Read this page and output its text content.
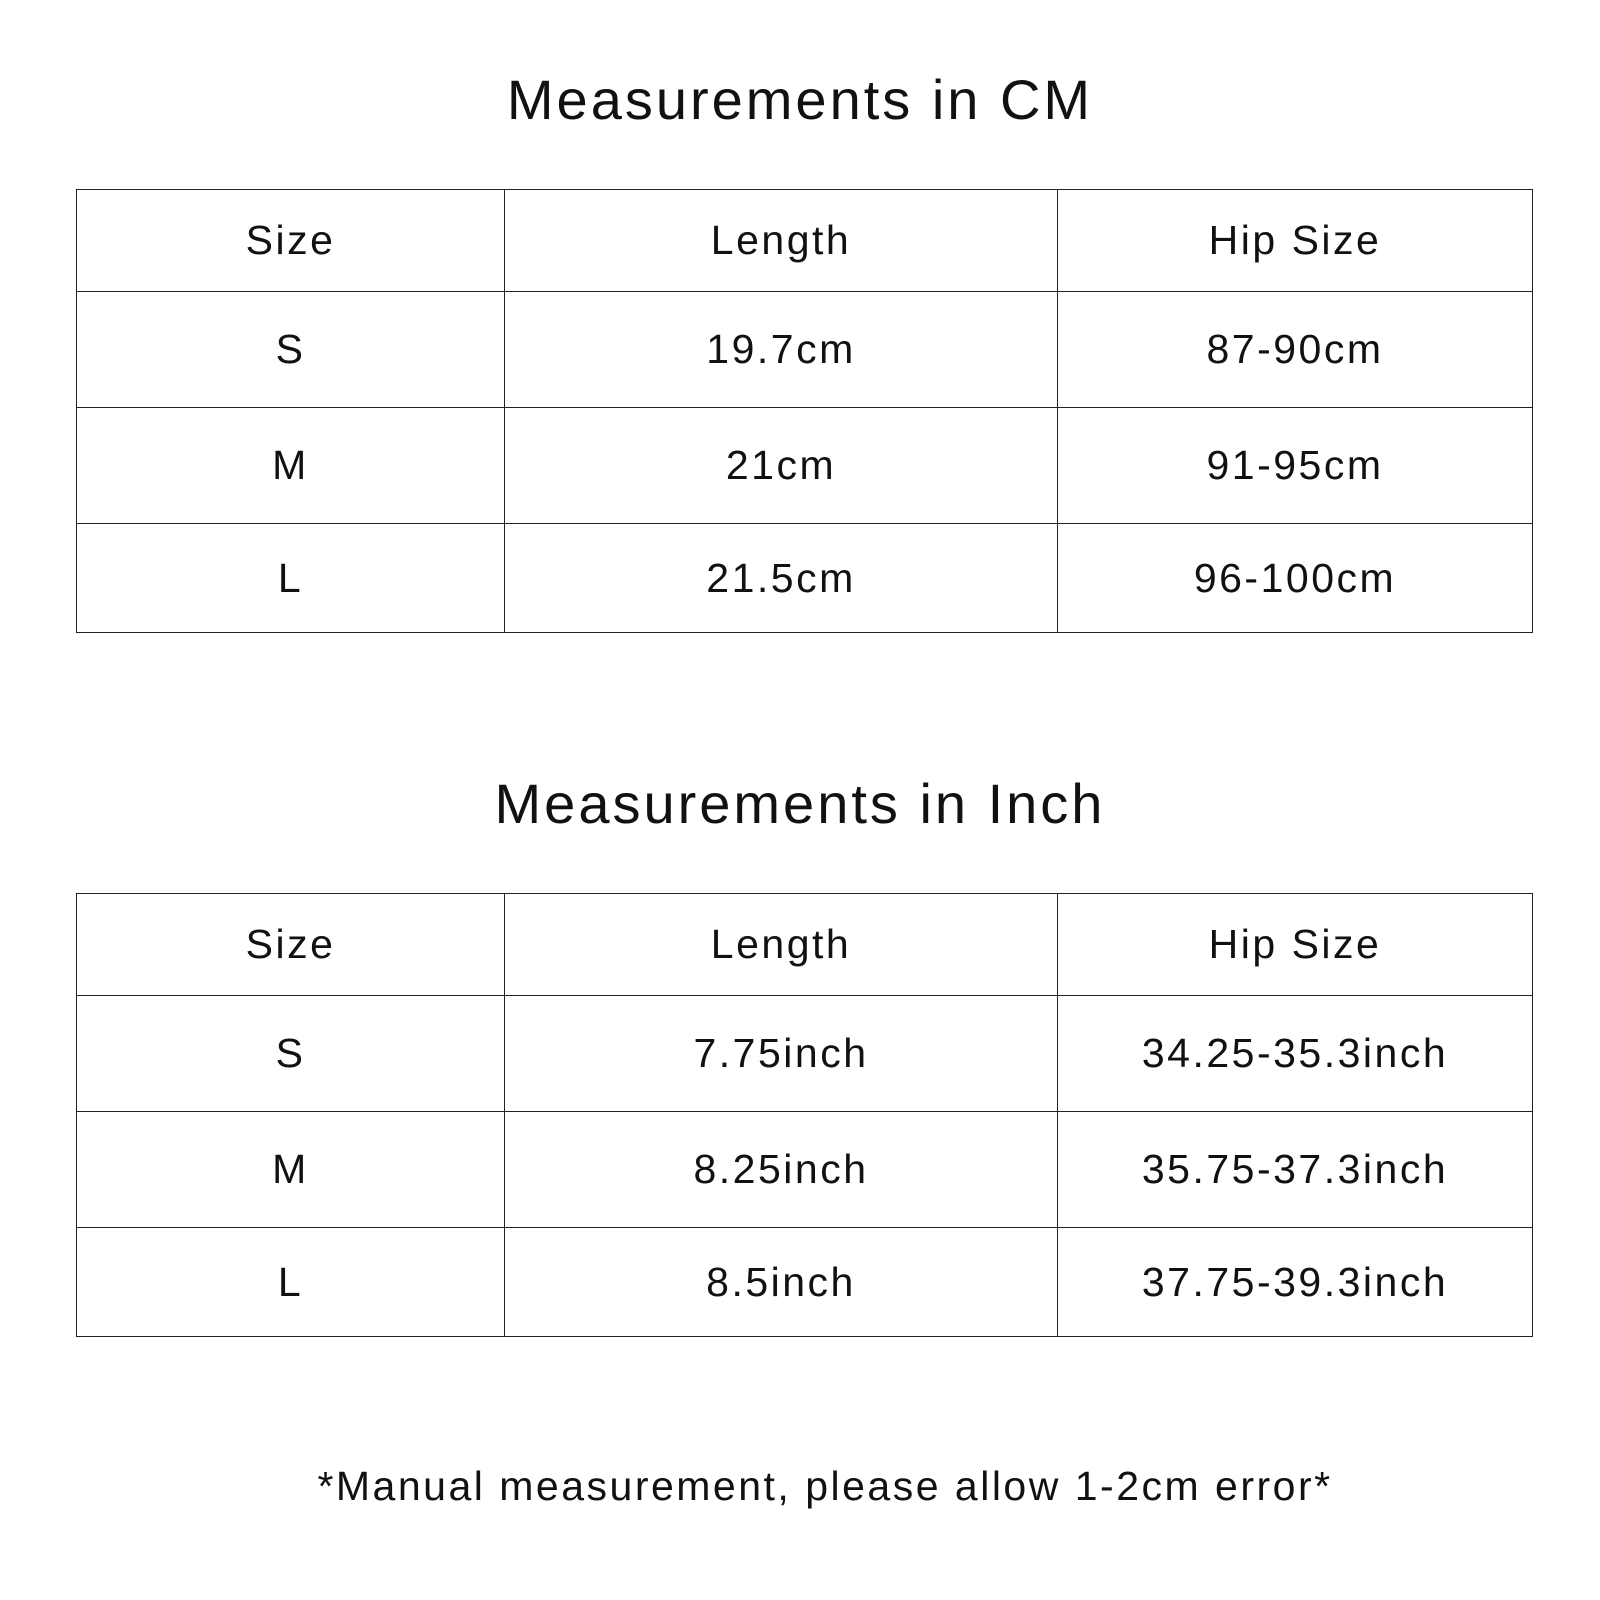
Measurements in CM
Size	Length	Hip Size
S	19.7cm	87-90cm
M	21cm	91-95cm
L	21.5cm	96-100cm
Measurements in Inch
Size	Length	Hip Size
S	7.75inch	34.25-35.3inch
M	8.25inch	35.75-37.3inch
L	8.5inch	37.75-39.3inch
*Manual measurement, please allow 1-2cm error*
